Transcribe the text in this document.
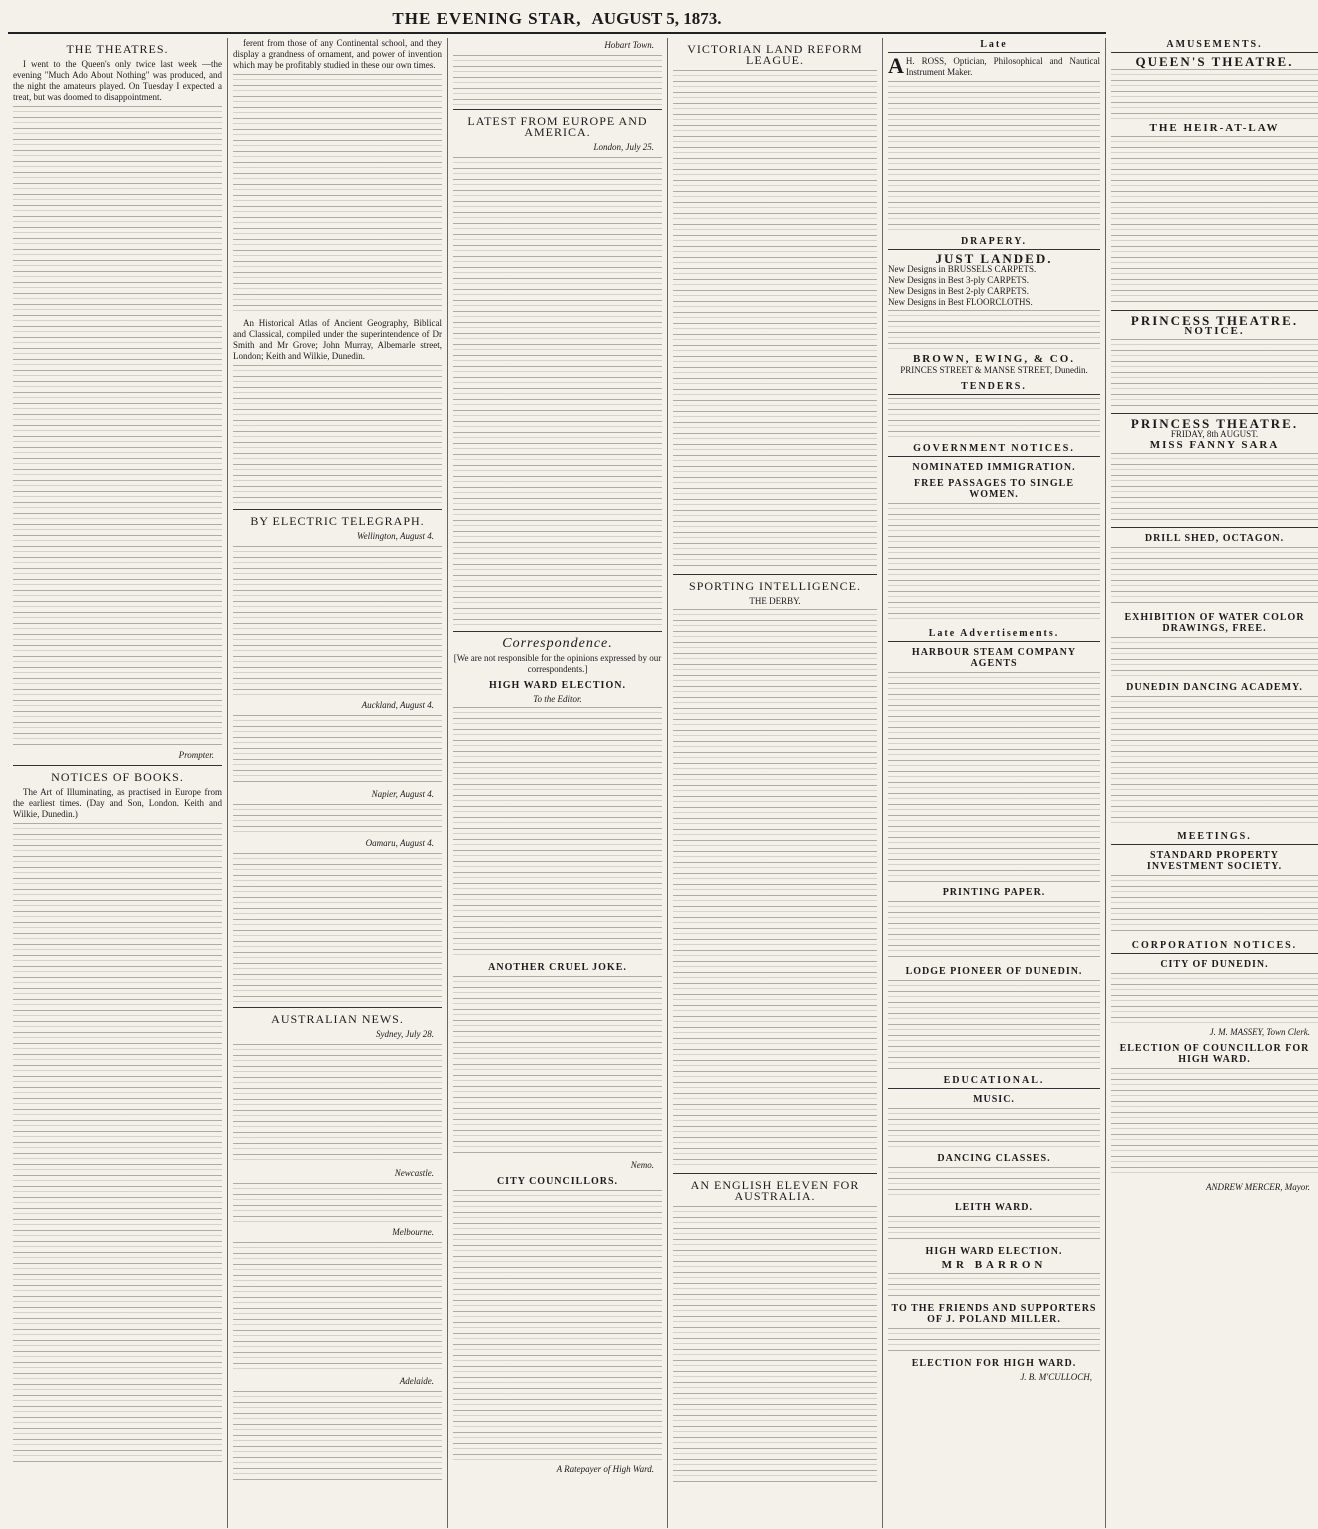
THE EVENING STAR, AUGUST 5, 1873.
THE THEATRES.

I went to the Queen's only twice last week —the evening "Much Ado About Nothing" was produced, and the night the amateurs played. On Tuesday I expected a treat, but was doomed to disappointment.

Prompter.
NOTICES OF BOOKS.

The Art of Illuminating, as practised in Europe from the earliest times. (Day and Son, London. Keith and Wilkie, Dunedin.)

ferent from those of any Continental school, and they display a grandness of ornament, and power of invention which may be profitably studied in these our own times.

An Historical Atlas of Ancient Geography, Biblical and Classical, compiled under the superintendence of Dr Smith and Mr Grove; John Murray, Albemarle street, London; Keith and Wilkie, Dunedin.

BY ELECTRIC TELEGRAPH.
Wellington, August 4.
Auckland, August 4.
Napier, August 4.
Oamaru, August 4.
AUSTRALIAN NEWS.
Sydney, July 28.
Newcastle.
Melbourne.
Adelaide.
Hobart Town.
LATEST FROM EUROPE AND AMERICA.
London, July 25.
Correspondence.
[We are not responsible for the opinions expressed by our correspondents.]
HIGH WARD ELECTION.
To the Editor.
ANOTHER CRUEL JOKE.
Nemo.
CITY COUNCILLORS.
A Ratepayer of High Ward.
VICTORIAN LAND REFORM LEAGUE.
SPORTING INTELLIGENCE.
THE DERBY.
AN ENGLISH ELEVEN FOR AUSTRALIA.
Late
A H. ROSS, Optician, Philosophical and Nautical Instrument Maker.

DRAPERY.
JUST LANDED.
New Designs in BRUSSELS CARPETS.
New Designs in Best 3-ply CARPETS.
New Designs in Best 2-ply CARPETS.
New Designs in Best FLOORCLOTHS.
BROWN, EWING, & CO.
PRINCES STREET & MANSE STREET, Dunedin.
TENDERS.
GOVERNMENT NOTICES.
NOMINATED IMMIGRATION.
FREE PASSAGES TO SINGLE WOMEN.
Late Advertisements.
HARBOUR STEAM COMPANY AGENTS
PRINTING PAPER.
LODGE PIONEER OF DUNEDIN.
EDUCATIONAL.
MUSIC.
DANCING CLASSES.
LEITH WARD.
HIGH WARD ELECTION.
MR BARRON
TO THE FRIENDS AND SUPPORTERS OF J. POLAND MILLER.
ELECTION FOR HIGH WARD.
J. B. M'CULLOCH,
AMUSEMENTS.
QUEEN'S THEATRE.
THE HEIR-AT-LAW
PRINCESS THEATRE.
NOTICE.
PRINCESS THEATRE.
FRIDAY, 8th AUGUST.
MISS FANNY SARA
DRILL SHED, OCTAGON.
EXHIBITION OF WATER COLOR DRAWINGS, FREE.
DUNEDIN DANCING ACADEMY.
MEETINGS.
STANDARD PROPERTY INVESTMENT SOCIETY.
CORPORATION NOTICES.
CITY OF DUNEDIN.
J. M. MASSEY, Town Clerk.
ELECTION OF COUNCILLOR FOR HIGH WARD.
ANDREW MERCER, Mayor.
